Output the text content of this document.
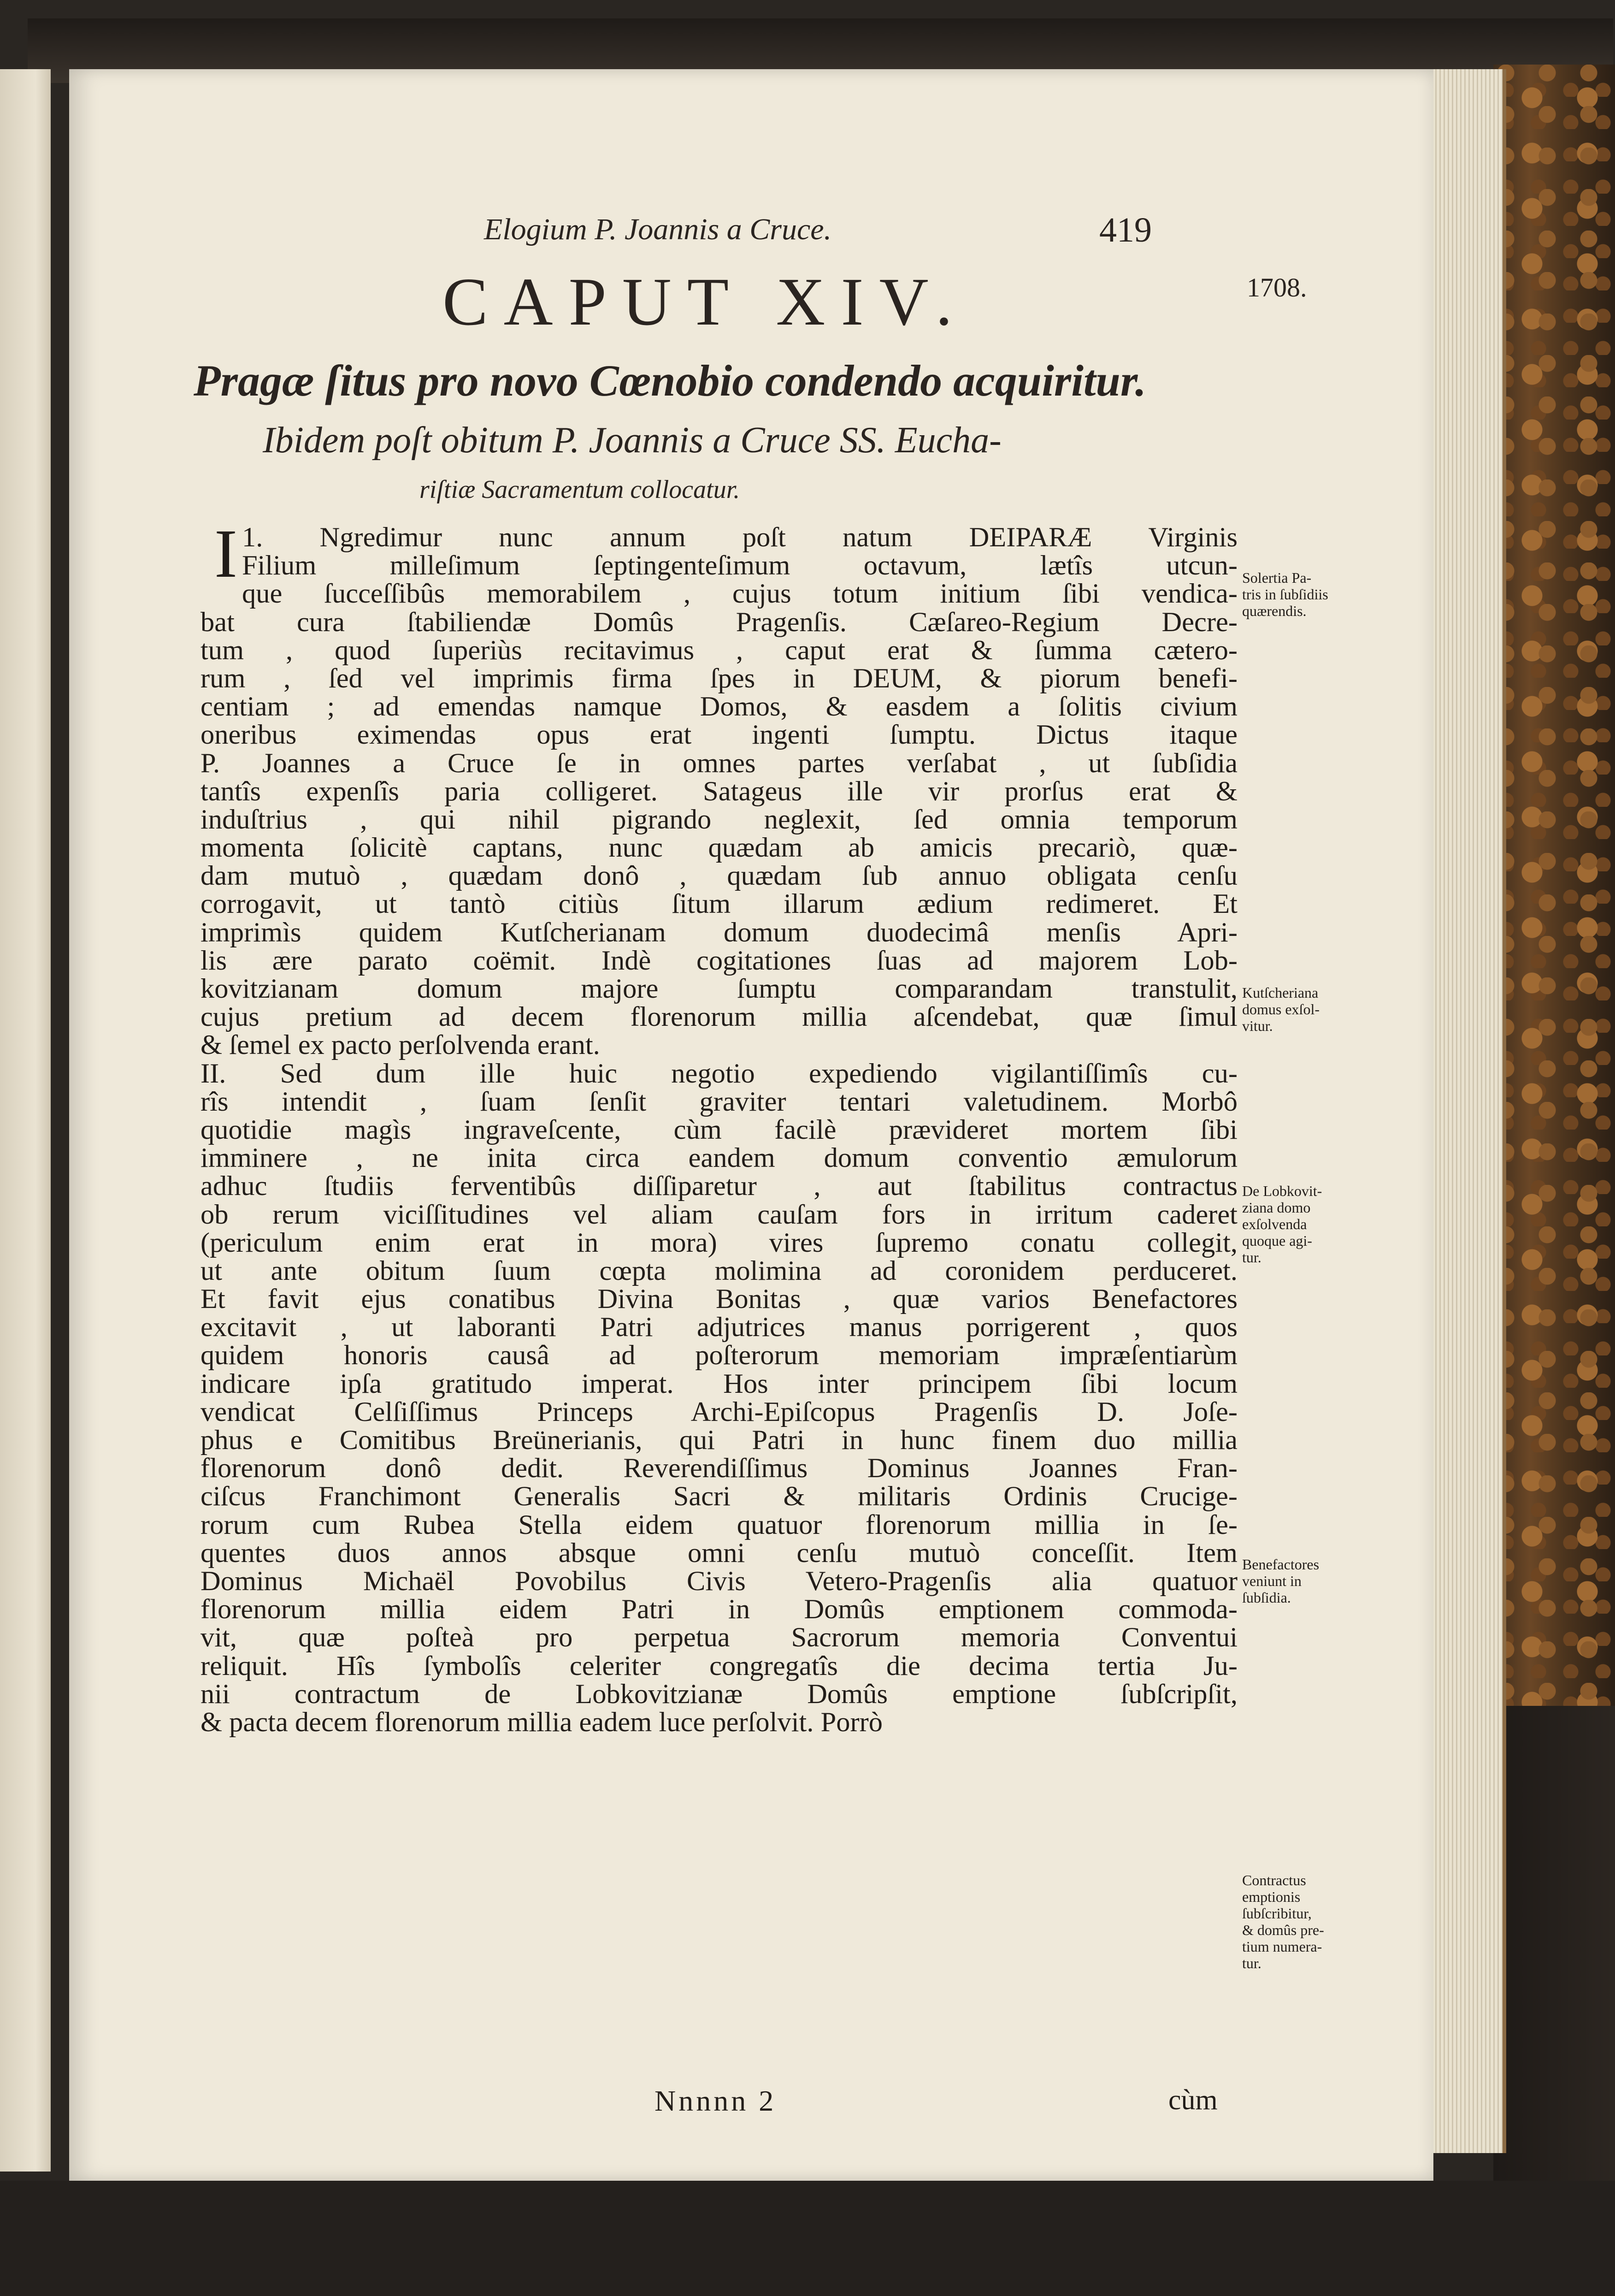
Elogium P. Joannis a Cruce.	419
CAPUT XIV.	1708.
Pragæ ſitus pro novo Cœnobio condendo acquiritur.
Ibidem poſt obitum P. Joannis a Cruce SS. Eucha-
riſtiæ Sacramentum collocatur.
I 1. Ngredimur nunc annum poſt natum DEIPARÆ Virginis
Filium milleſimum ſeptingenteſimum octavum, lætîs utcun-
que ſucceſſibûs memorabilem , cujus totum initium ſibi vendica-
bat cura ſtabiliendæ Domûs Pragenſis. Cæſareo-Regium Decre-
tum , quod ſuperiùs recitavimus , caput erat & ſumma cætero-
rum , ſed vel imprimis firma ſpes in DEUM, & piorum benefi-
centiam ; ad emendas namque Domos, & easdem a ſolitis civium
oneribus eximendas opus erat ingenti ſumptu. Dictus itaque
P. Joannes a Cruce ſe in omnes partes verſabat , ut ſubſidia
tantîs expenſîs paria colligeret. Satageus ille vir prorſus erat &
induſtrius , qui nihil pigrando neglexit, ſed omnia temporum
momenta ſolicitè captans, nunc quædam ab amicis precariò, quæ-
dam mutuò , quædam donô , quædam ſub annuo obligata cenſu
corrogavit, ut tantò citiùs ſitum illarum ædium redimeret. Et
imprimìs quidem Kutſcherianam domum duodecimâ menſis Apri-
lis ære parato coëmit. Indè cogitationes ſuas ad majorem Lob-
kovitzianam domum majore ſumptu comparandam transtulit,
cujus pretium ad decem florenorum millia aſcendebat, quæ ſimul
& ſemel ex pacto perſolvenda erant.
II. Sed dum ille huic negotio expediendo vigilantiſſimîs cu-
rîs intendit , ſuam ſenſit graviter tentari valetudinem. Morbô
quotidie magìs ingraveſcente, cùm facilè prævideret mortem ſibi
imminere , ne inita circa eandem domum conventio æmulorum
adhuc ſtudiis ferventibûs diſſiparetur , aut ſtabilitus contractus
ob rerum viciſſitudines vel aliam cauſam fors in irritum caderet
(periculum enim erat in mora) vires ſupremo conatu collegit,
ut ante obitum ſuum cœpta molimina ad coronidem perduceret.
Et favit ejus conatibus Divina Bonitas , quæ varios Benefactores
excitavit , ut laboranti Patri adjutrices manus porrigerent , quos
quidem honoris causâ ad poſterorum memoriam impræſentiarùm
indicare ipſa gratitudo imperat. Hos inter principem ſibi locum
vendicat Celſiſſimus Princeps Archi-Epiſcopus Pragenſis D. Joſe-
phus e Comitibus Breünerianis, qui Patri in hunc finem duo millia
florenorum donô dedit. Reverendiſſimus Dominus Joannes Fran-
ciſcus Franchimont Generalis Sacri & militaris Ordinis Crucige-
rorum cum Rubea Stella eidem quatuor florenorum millia in ſe-
quentes duos annos absque omni cenſu mutuò conceſſit. Item
Dominus Michaël Povobilus Civis Vetero-Pragenſis alia quatuor
florenorum millia eidem Patri in Domûs emptionem commoda-
vit, quæ poſteà pro perpetua Sacrorum memoria Conventui
reliquit. Hîs ſymbolîs celeriter congregatîs die decima tertia Ju-
nii contractum de Lobkovitzianæ Domûs emptione ſubſcripſit,
& pacta decem florenorum millia eadem luce perſolvit. Porrò
Nnnnn 2	cùm
Solertia Pa-
tris in ſubſidiis
quærendis.
Kutſcheriana
domus exſol-
vitur.
De Lobkovit-
ziana domo
exſolvenda
quoque agi-
tur.
Benefactores
veniunt in
ſubſidia.
Contractus
emptionis
ſubſcribitur,
& domûs pre-
tium numera-
tur.
